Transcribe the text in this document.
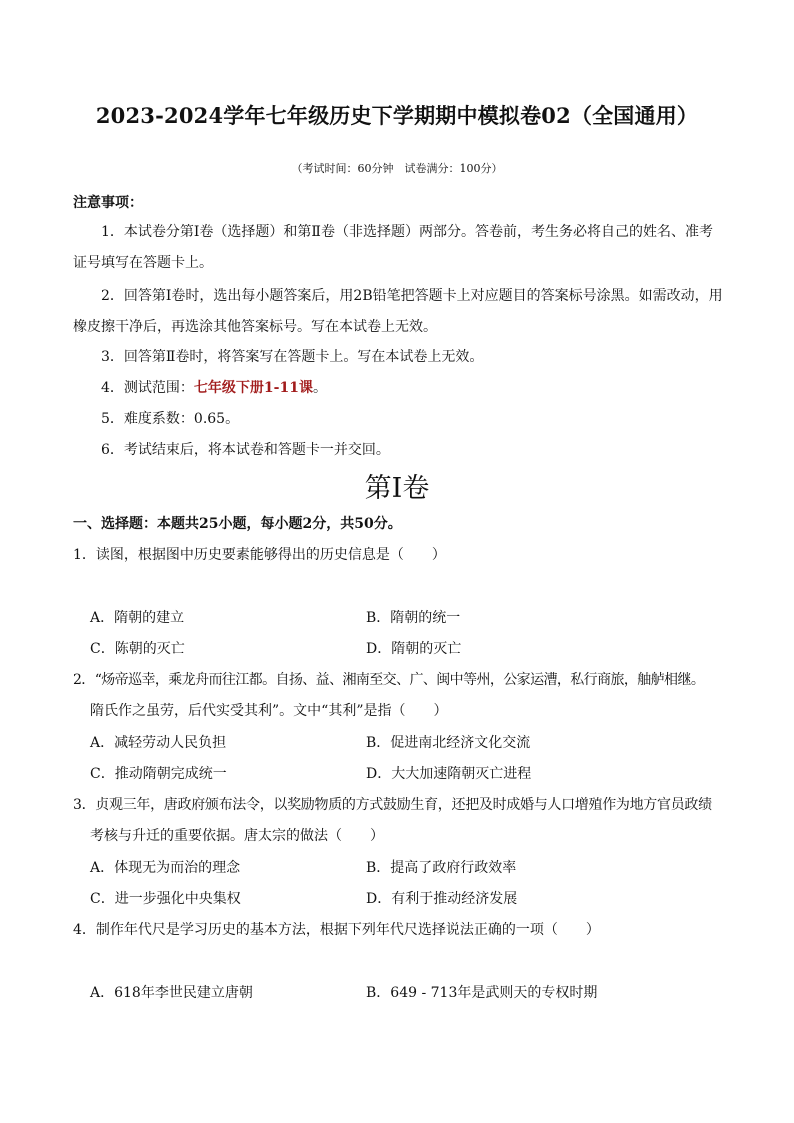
2023-2024学年七年级历史下学期期中模拟卷02（全国通用）
（考试时间：60分钟　试卷满分：100分）
注意事项：
1．本试卷分第Ⅰ卷（选择题）和第Ⅱ卷（非选择题）两部分。答卷前，考生务必将自己的姓名、准考
证号填写在答题卡上。
2．回答第Ⅰ卷时，选出每小题答案后，用2B铅笔把答题卡上对应题目的答案标号涂黑。如需改动，用
橡皮擦干净后，再选涂其他答案标号。写在本试卷上无效。
3．回答第Ⅱ卷时，将答案写在答题卡上。写在本试卷上无效。
4．测试范围：七年级下册1-11课。
5．难度系数：0.65。
6．考试结束后，将本试卷和答题卡一并交回。
第Ⅰ卷
一、选择题：本题共25小题，每小题2分，共50分。
1．读图，根据图中历史要素能够得出的历史信息是（　　）
A．隋朝的建立	B．隋朝的统一
C．陈朝的灭亡	D．隋朝的灭亡
2．“炀帝巡幸，乘龙舟而往江都。自扬、益、湘南至交、广、闽中等州，公家运漕，私行商旅，舳舻相继。
隋氏作之虽劳，后代实受其利”。文中“其利”是指（　　）
A．减轻劳动人民负担	B．促进南北经济文化交流
C．推动隋朝完成统一	D．大大加速隋朝灭亡进程
3．贞观三年，唐政府颁布法令，以奖励物质的方式鼓励生育，还把及时成婚与人口增殖作为地方官员政绩
考核与升迁的重要依据。唐太宗的做法（　　）
A．体现无为而治的理念	B．提高了政府行政效率
C．进一步强化中央集权	D．有利于推动经济发展
4．制作年代尺是学习历史的基本方法，根据下列年代尺选择说法正确的一项（　　）
A．618年李世民建立唐朝	B．649 - 713年是武则天的专权时期
